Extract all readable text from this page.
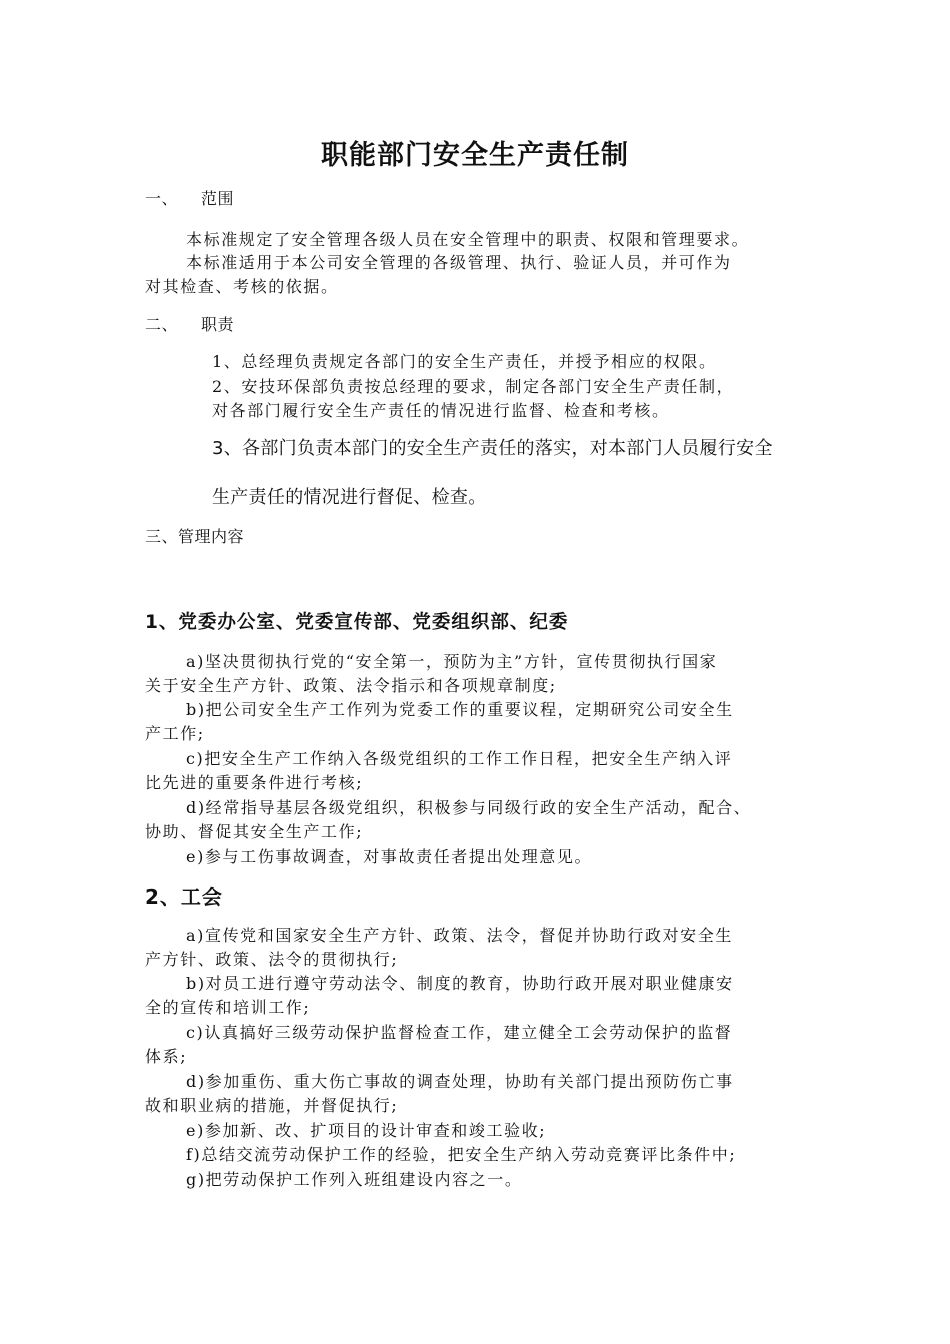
职能部门安全生产责任制
一、 范围
本标准规定了安全管理各级人员在安全管理中的职责、权限和管理要求。
本标准适用于本公司安全管理的各级管理、执行、验证人员，并可作为
对其检查、考核的依据。
二、 职责
1、总经理负责规定各部门的安全生产责任，并授予相应的权限。
2、安技环保部负责按总经理的要求，制定各部门安全生产责任制，
对各部门履行安全生产责任的情况进行监督、检查和考核。
3、各部门负责本部门的安全生产责任的落实，对本部门人员履行安全
生产责任的情况进行督促、检查。
三、管理内容
1、党委办公室、党委宣传部、党委组织部、纪委
a)坚决贯彻执行党的“安全第一，预防为主”方针，宣传贯彻执行国家
关于安全生产方针、政策、法令指示和各项规章制度;
b)把公司安全生产工作列为党委工作的重要议程，定期研究公司安全生
产工作;
c)把安全生产工作纳入各级党组织的工作工作日程，把安全生产纳入评
比先进的重要条件进行考核;
d)经常指导基层各级党组织，积极参与同级行政的安全生产活动，配合、
协助、督促其安全生产工作;
e)参与工伤事故调查，对事故责任者提出处理意见。
2、工会
a)宣传党和国家安全生产方针、政策、法令，督促并协助行政对安全生
产方针、政策、法令的贯彻执行;
b)对员工进行遵守劳动法令、制度的教育，协助行政开展对职业健康安
全的宣传和培训工作;
c)认真搞好三级劳动保护监督检查工作，建立健全工会劳动保护的监督
体系;
d)参加重伤、重大伤亡事故的调查处理，协助有关部门提出预防伤亡事
故和职业病的措施，并督促执行;
e)参加新、改、扩项目的设计审查和竣工验收;
f)总结交流劳动保护工作的经验，把安全生产纳入劳动竞赛评比条件中;
g)把劳动保护工作列入班组建设内容之一。
